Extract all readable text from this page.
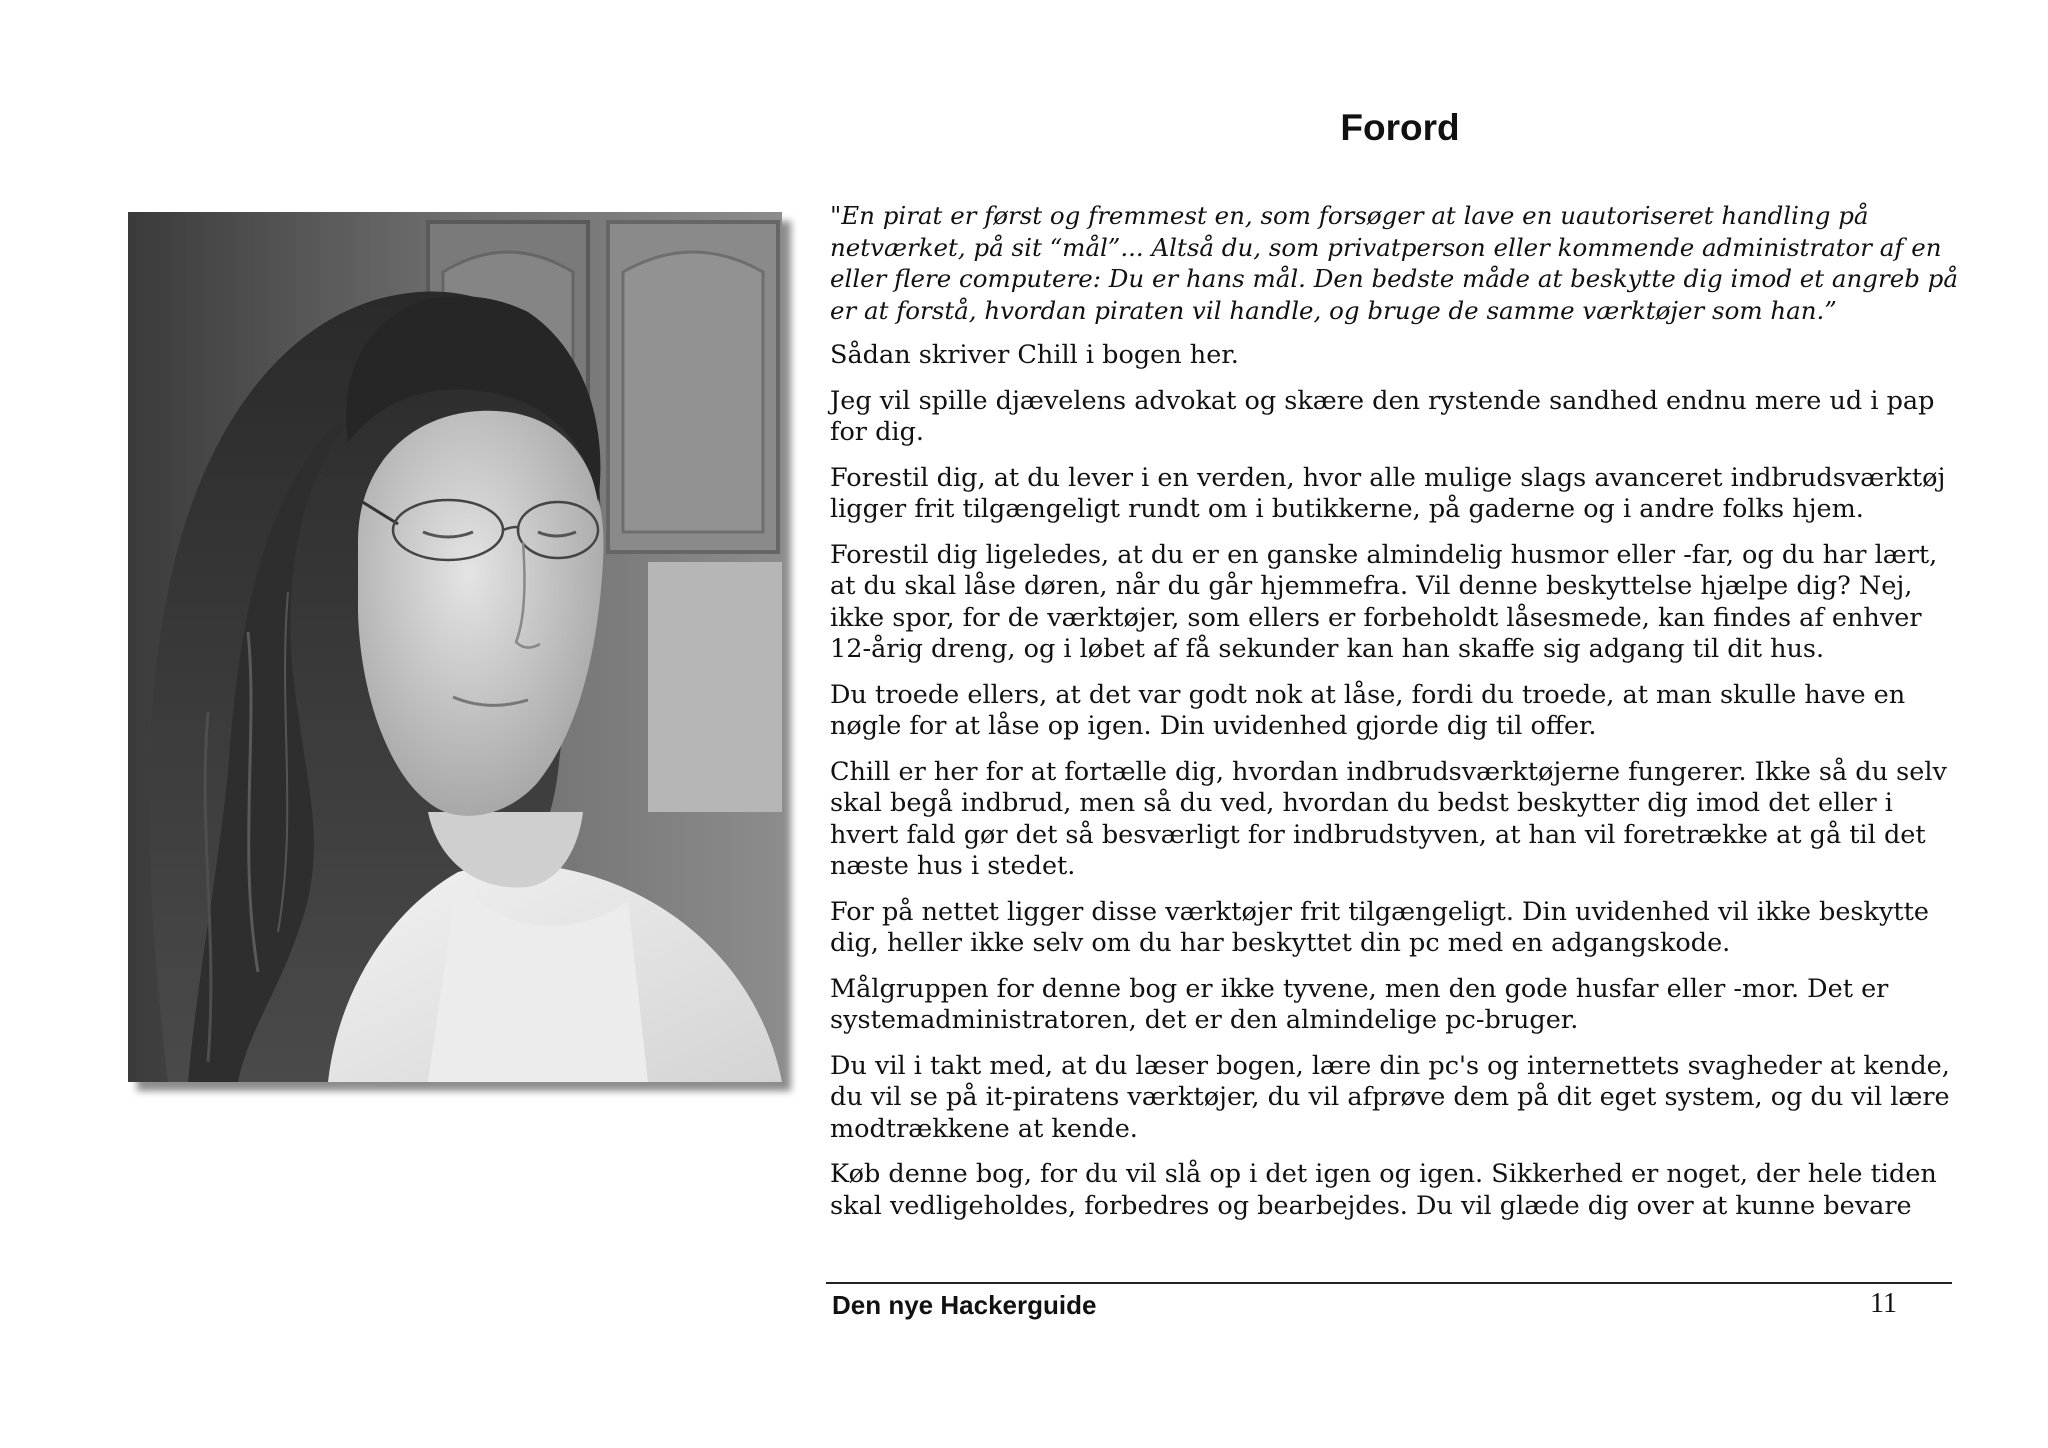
Forord

"En pirat er først og fremmest en, som forsøger at lave en uautoriseret handling på netværket, på sit “mål”... Altså du, som privatperson eller kommende administrator af en eller flere computere: Du er hans mål. Den bedste måde at beskytte dig imod et angreb på er at forstå, hvordan piraten vil handle, og bruge de samme værktøjer som han.”

Sådan skriver Chill i bogen her.

Jeg vil spille djævelens advokat og skære den rystende sandhed endnu mere ud i pap for dig.

Forestil dig, at du lever i en verden, hvor alle mulige slags avanceret indbrudsværktøj ligger frit tilgængeligt rundt om i butikkerne, på gaderne og i andre folks hjem.

Forestil dig ligeledes, at du er en ganske almindelig husmor eller -far, og du har lært, at du skal låse døren, når du går hjemmefra. Vil denne beskyttelse hjælpe dig? Nej, ikke spor, for de værktøjer, som ellers er forbeholdt låsesmede, kan findes af enhver 12-årig dreng, og i løbet af få sekunder kan han skaffe sig adgang til dit hus.

Du troede ellers, at det var godt nok at låse, fordi du troede, at man skulle have en nøgle for at låse op igen. Din uvidenhed gjorde dig til offer.

Chill er her for at fortælle dig, hvordan indbrudsværktøjerne fungerer. Ikke så du selv skal begå indbrud, men så du ved, hvordan du bedst beskytter dig imod det eller i hvert fald gør det så besværligt for indbrudstyven, at han vil foretrække at gå til det næste hus i stedet.

For på nettet ligger disse værktøjer frit tilgængeligt. Din uvidenhed vil ikke beskytte dig, heller ikke selv om du har beskyttet din pc med en adgangskode.

Målgruppen for denne bog er ikke tyvene, men den gode husfar eller -mor. Det er systemadministratoren, det er den almindelige pc-bruger.

Du vil i takt med, at du læser bogen, lære din pc's og internettets svagheder at kende, du vil se på it-piratens værktøjer, du vil afprøve dem på dit eget system, og du vil lære modtrækkene at kende.

Køb denne bog, for du vil slå op i det igen og igen. Sikkerhed er noget, der hele tiden skal vedligeholdes, forbedres og bearbejdes. Du vil glæde dig over at kunne bevare

Den nye Hackerguide	11
